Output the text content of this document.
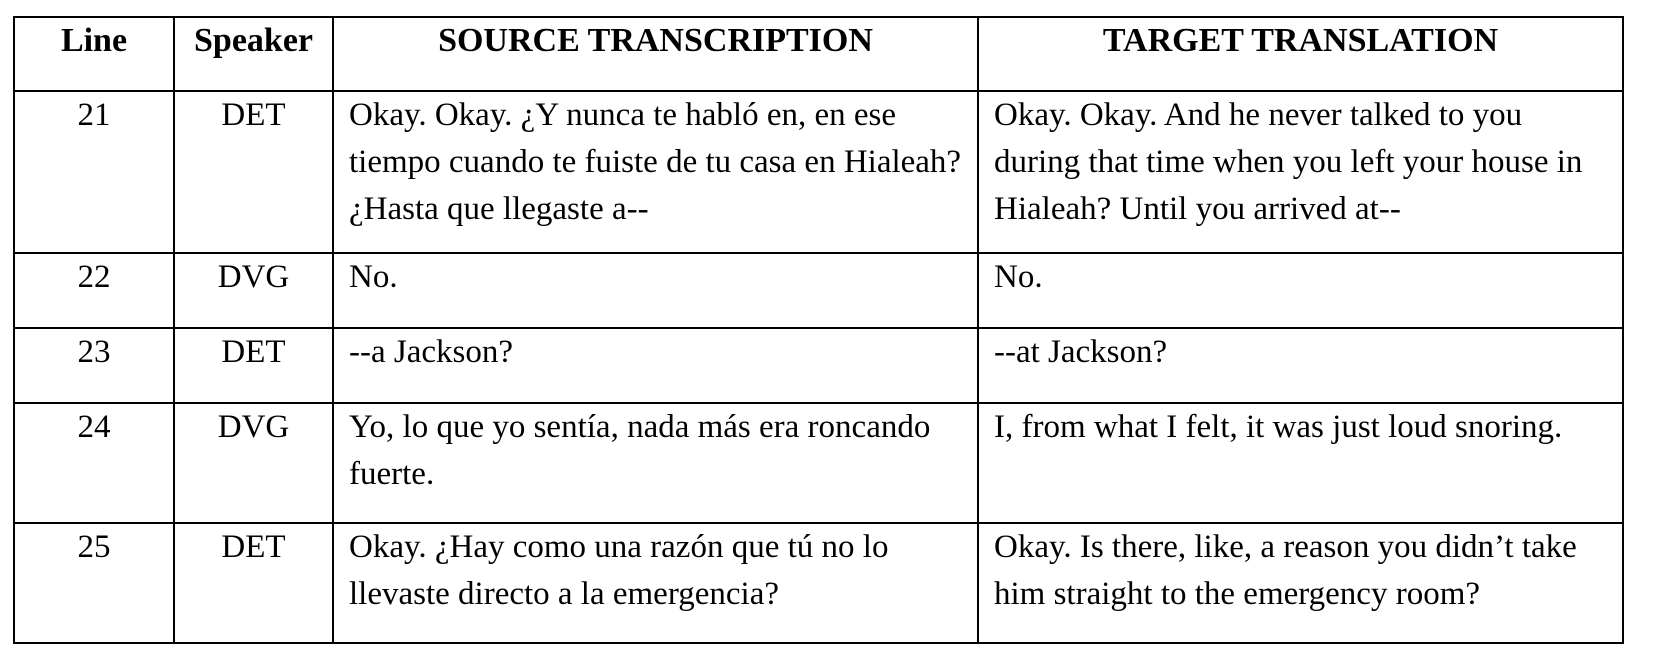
Line	Speaker	SOURCE TRANSCRIPTION	TARGET TRANSLATION
21	DET	Okay. Okay. ¿Y nunca te habló en, en ese tiempo cuando te fuiste de tu casa en Hialeah? ¿Hasta que llegaste a--	Okay. Okay. And he never talked to you during that time when you left your house in Hialeah? Until you arrived at--
22	DVG	No.	No.
23	DET	--a Jackson?	--at Jackson?
24	DVG	Yo, lo que yo sentía, nada más era roncando fuerte.	I, from what I felt, it was just loud snoring.
25	DET	Okay. ¿Hay como una razón que tú no lo llevaste directo a la emergencia?	Okay. Is there, like, a reason you didn’t take him straight to the emergency room?
